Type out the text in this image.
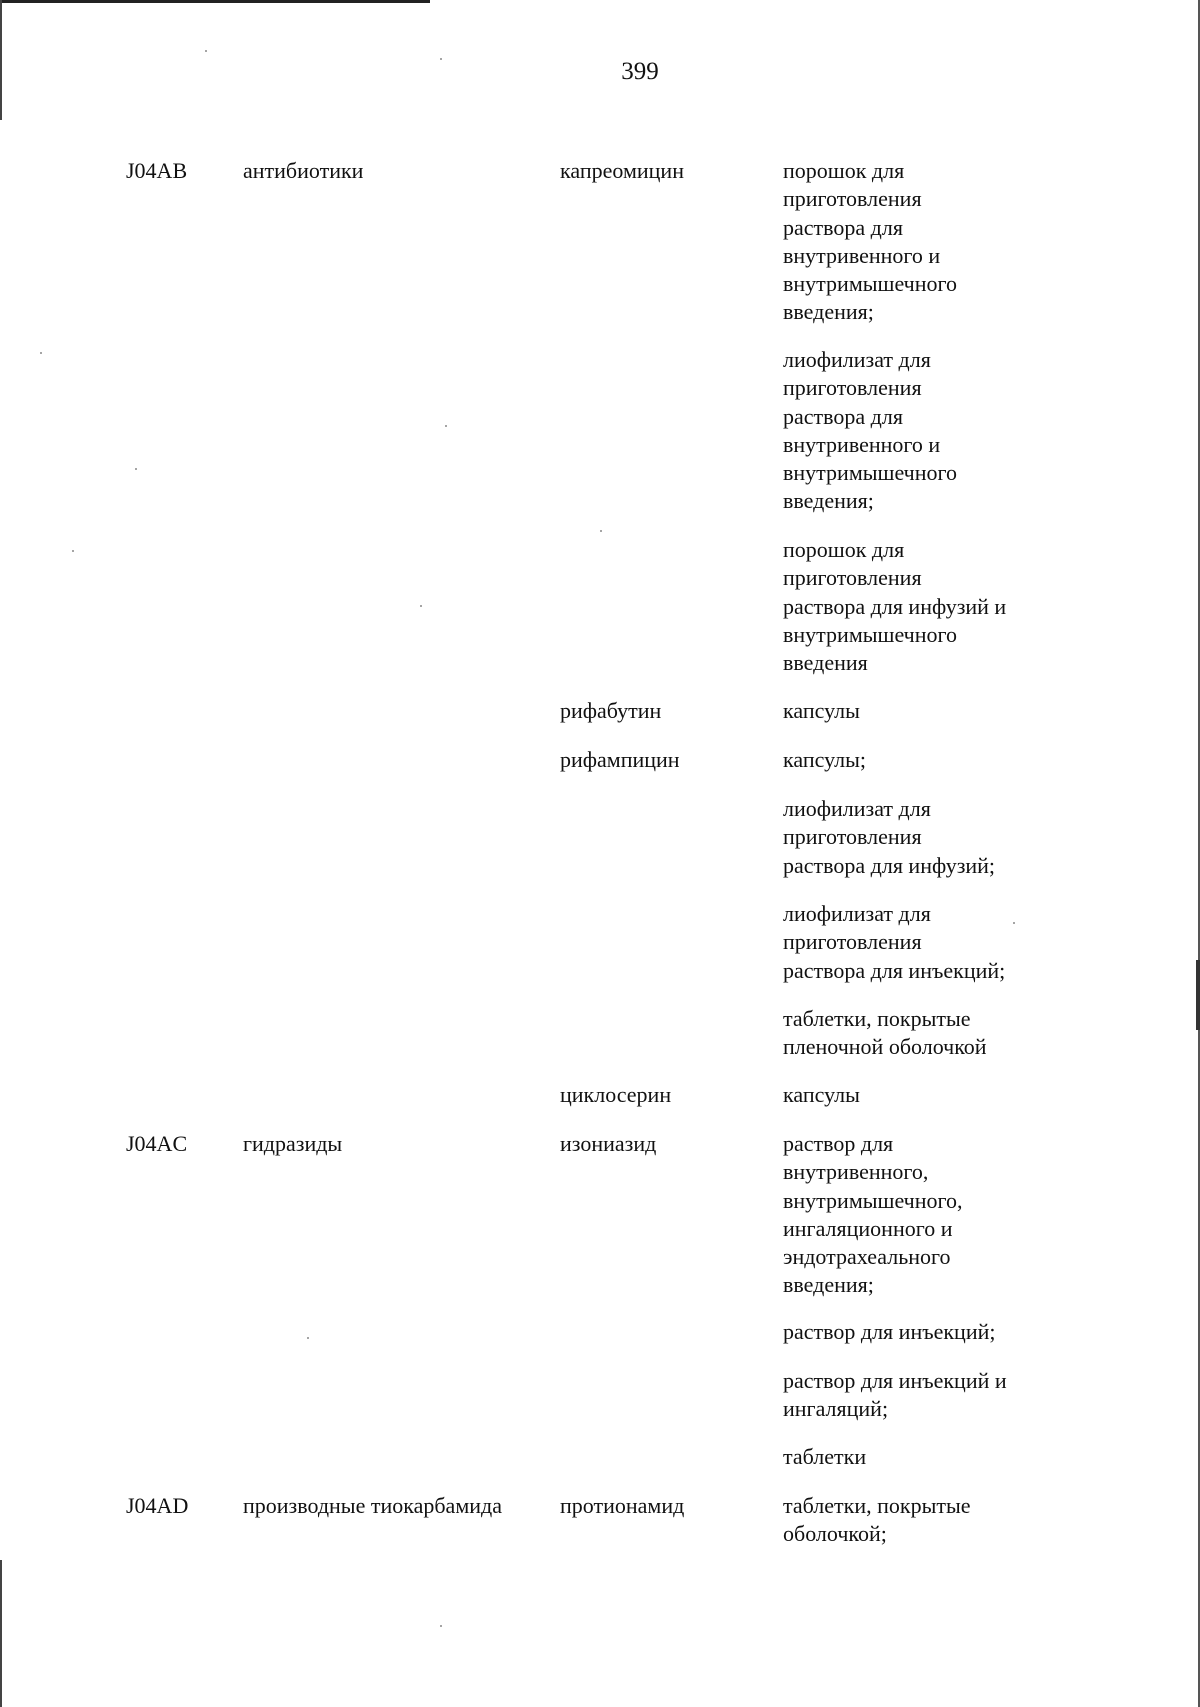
399
J04AB	антибиотики	капреомицин	порошок для
приготовления
раствора для
внутривенного и
внутримышечного
введения;
лиофилизат для
приготовления
раствора для
внутривенного и
внутримышечного
введения;
порошок для
приготовления
раствора для инфузий и
внутримышечного
введения
рифабутин	капсулы
рифампицин	капсулы;
лиофилизат для
приготовления
раствора для инфузий;
лиофилизат для
приготовления
раствора для инъекций;
таблетки, покрытые
пленочной оболочкой
циклосерин	капсулы
J04AC	гидразиды	изониазид	раствор для
внутривенного,
внутримышечного,
ингаляционного и
эндотрахеального
введения;
раствор для инъекций;
раствор для инъекций и
ингаляций;
таблетки
J04AD	производные тиокарбамида	протионамид	таблетки, покрытые
оболочкой;
